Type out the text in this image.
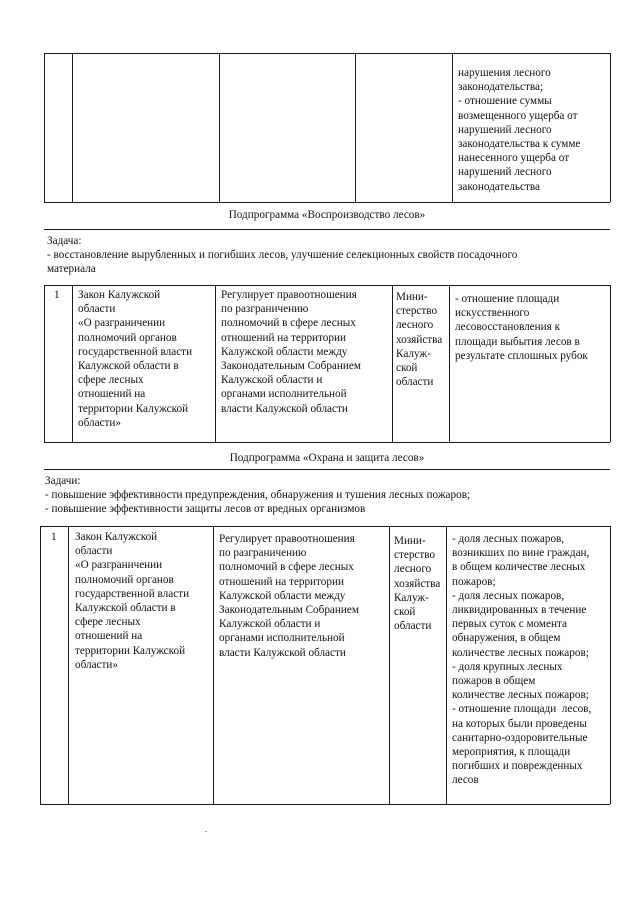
нарушения лесного
законодательства;
- отношение суммы
возмещенного ущерба от
нарушений лесного
законодательства к сумме
нанесенного ущерба от
нарушений лесного
законодательства
Подпрограмма «Воспроизводство лесов»
Задача:
- восстановление вырубленных и погибших лесов, улучшение селекционных свойств посадочного
материала
1 Закон Калужской
области
«О разграничении
полномочий органов
государственной власти
Калужской области в
сфере лесных
отношений на
территории Калужской
области»
Регулирует правоотношения
по разграничению
полномочий в сфере лесных
отношений на территории
Калужской области между
Законодательным Собранием
Калужской области и
органами исполнительной
власти Калужской области
Мини-
стерство
лесного
хозяйства
Калуж-
ской
области
- отношение площади
искусственного
лесовосстановления к
площади выбытия лесов в
результате сплошных рубок
Подпрограмма «Охрана и защита лесов»
Задачи:
- повышение эффективности предупреждения, обнаружения и тушения лесных пожаров;
- повышение эффективности защиты лесов от вредных организмов
1 Закон Калужской
области
«О разграничении
полномочий органов
государственной власти
Калужской области в
сфере лесных
отношений на
территории Калужской
области»
Регулирует правоотношения
по разграничению
полномочий в сфере лесных
отношений на территории
Калужской области между
Законодательным Собранием
Калужской области и
органами исполнительной
власти Калужской области
Мини-
стерство
лесного
хозяйства
Калуж-
ской
области
- доля лесных пожаров,
возникших по вине граждан,
в общем количестве лесных
пожаров;
- доля лесных пожаров,
ликвидированных в течение
первых суток с момента
обнаружения, в общем
количестве лесных пожаров;
- доля крупных лесных
пожаров в общем
количестве лесных пожаров;
- отношение площади  лесов,
на которых были проведены
санитарно-оздоровительные
мероприятия, к площади
погибших и поврежденных
лесов
